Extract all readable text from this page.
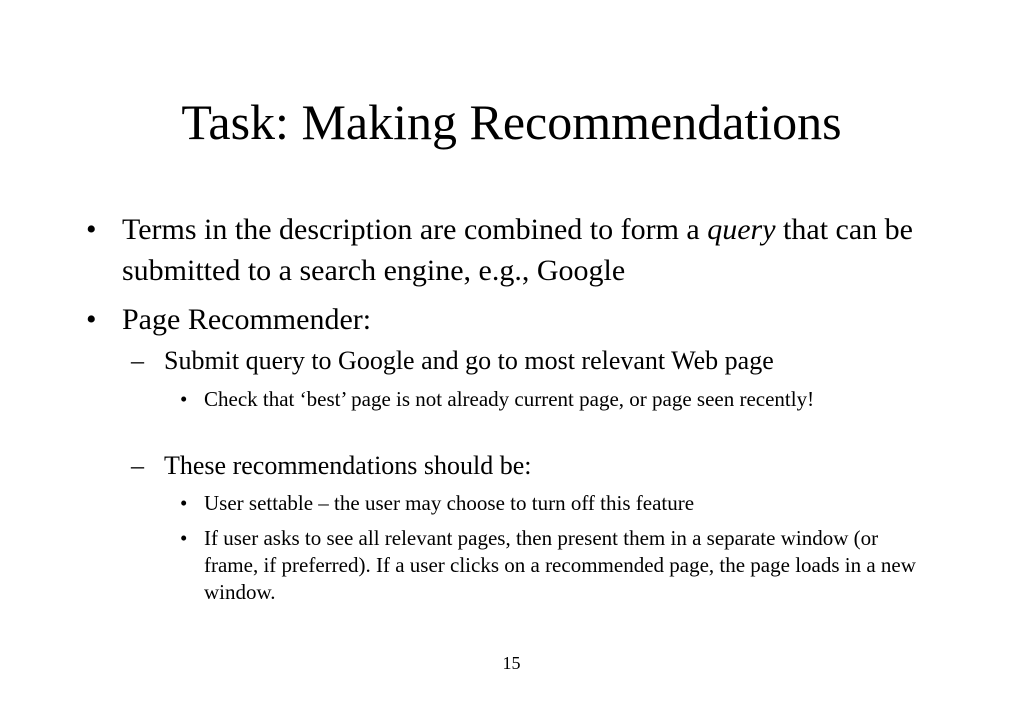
Task: Making Recommendations
• Terms in the description are combined to form a query that can be submitted to a search engine, e.g., Google
• Page Recommender:
– Submit query to Google and go to most relevant Web page
• Check that ‘best’ page is not already current page, or page seen recently!
– These recommendations should be:
• User settable – the user may choose to turn off this feature
• If user asks to see all relevant pages, then present them in a separate window (or frame, if preferred). If a user clicks on a recommended page, the page loads in a new window.
15
